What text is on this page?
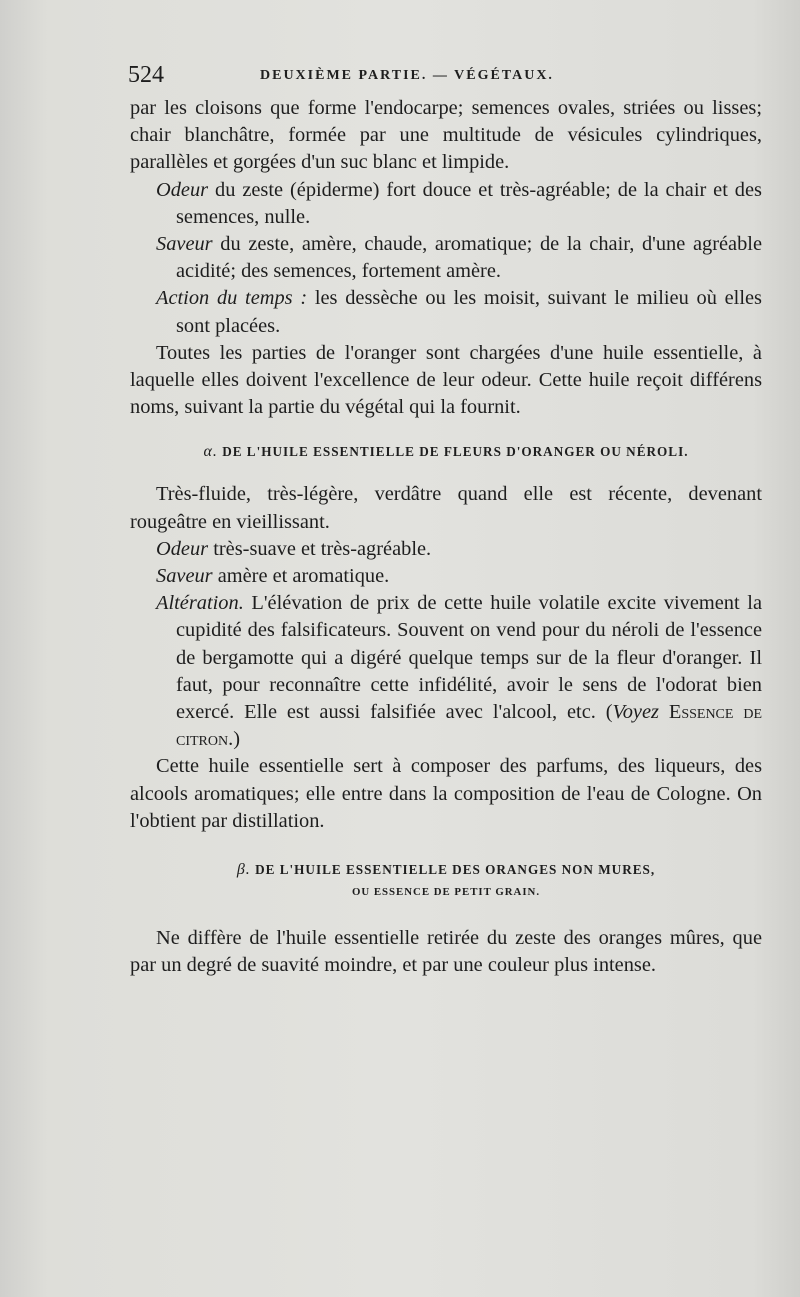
524	DEUXIÈME PARTIE. — VÉGÉTAUX.

par les cloisons que forme l'endocarpe; semences ovales, striées ou lisses; chair blanchâtre, formée par une multitude de vésicules cylindriques, parallèles et gorgées d'un suc blanc et limpide.

Odeur du zeste (épiderme) fort douce et très-agréable; de la chair et des semences, nulle.

Saveur du zeste, amère, chaude, aromatique; de la chair, d'une agréable acidité; des semences, fortement amère.

Action du temps : les dessèche ou les moisit, suivant le milieu où elles sont placées.

Toutes les parties de l'oranger sont chargées d'une huile essentielle, à laquelle elles doivent l'excellence de leur odeur. Cette huile reçoit différens noms, suivant la partie du végétal qui la fournit.

α. DE L'HUILE ESSENTIELLE DE FLEURS D'ORANGER OU NÉROLI.

Très-fluide, très-légère, verdâtre quand elle est récente, devenant rougeâtre en vieillissant.

Odeur très-suave et très-agréable.

Saveur amère et aromatique.

Altération. L'élévation de prix de cette huile volatile excite vivement la cupidité des falsificateurs. Souvent on vend pour du néroli de l'essence de bergamotte qui a digéré quelque temps sur de la fleur d'oranger. Il faut, pour reconnaître cette infidélité, avoir le sens de l'odorat bien exercé. Elle est aussi falsifiée avec l'alcool, etc. (Voyez Essence de citron.)

Cette huile essentielle sert à composer des parfums, des liqueurs, des alcools aromatiques; elle entre dans la composition de l'eau de Cologne. On l'obtient par distillation.

β. DE L'HUILE ESSENTIELLE DES ORANGES NON MURES,

OU ESSENCE DE PETIT GRAIN.

Ne diffère de l'huile essentielle retirée du zeste des oranges mûres, que par un degré de suavité moindre, et par une couleur plus intense.
